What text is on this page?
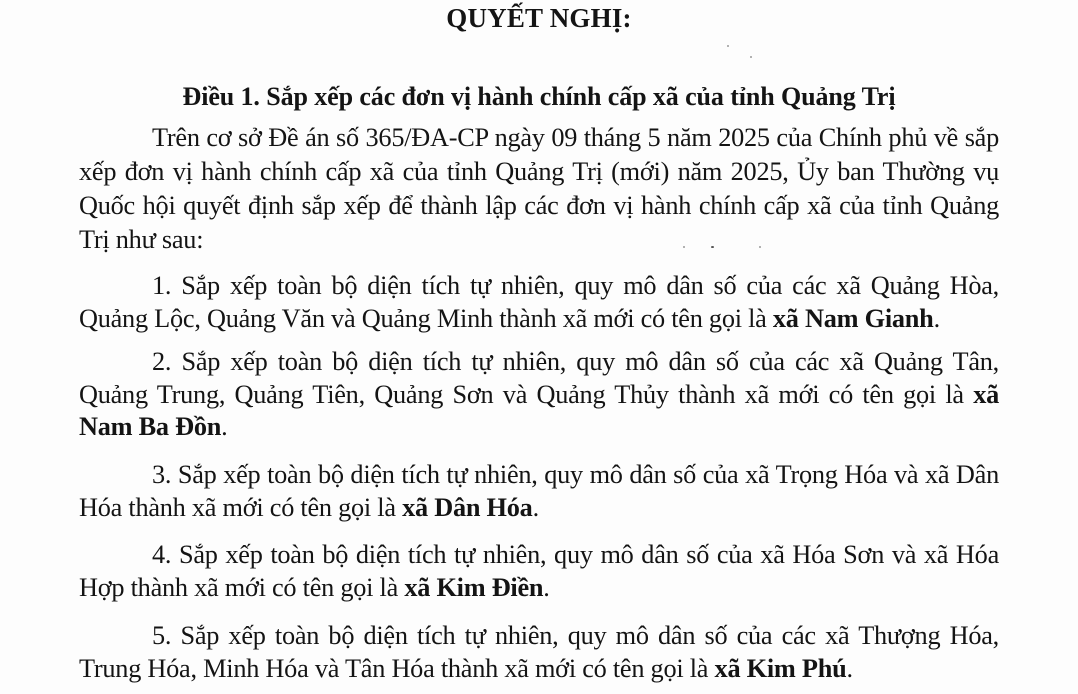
QUYẾT NGHỊ:
Điều 1. Sắp xếp các đơn vị hành chính cấp xã của tỉnh Quảng Trị

Trên cơ sở Đề án số 365/ĐA-CP ngày 09 tháng 5 năm 2025 của Chính phủ về sắp xếp đơn vị hành chính cấp xã của tỉnh Quảng Trị (mới) năm 2025, Ủy ban Thường vụ Quốc hội quyết định sắp xếp để thành lập các đơn vị hành chính cấp xã của tỉnh Quảng Trị như sau:

1. Sắp xếp toàn bộ diện tích tự nhiên, quy mô dân số của các xã Quảng Hòa, Quảng Lộc, Quảng Văn và Quảng Minh thành xã mới có tên gọi là xã Nam Gianh.

2. Sắp xếp toàn bộ diện tích tự nhiên, quy mô dân số của các xã Quảng Tân, Quảng Trung, Quảng Tiên, Quảng Sơn và Quảng Thủy thành xã mới có tên gọi là xã Nam Ba Đồn.

3. Sắp xếp toàn bộ diện tích tự nhiên, quy mô dân số của xã Trọng Hóa và xã Dân Hóa thành xã mới có tên gọi là xã Dân Hóa.

4. Sắp xếp toàn bộ diện tích tự nhiên, quy mô dân số của xã Hóa Sơn và xã Hóa Hợp thành xã mới có tên gọi là xã Kim Điền.

5. Sắp xếp toàn bộ diện tích tự nhiên, quy mô dân số của các xã Thượng Hóa, Trung Hóa, Minh Hóa và Tân Hóa thành xã mới có tên gọi là xã Kim Phú.
